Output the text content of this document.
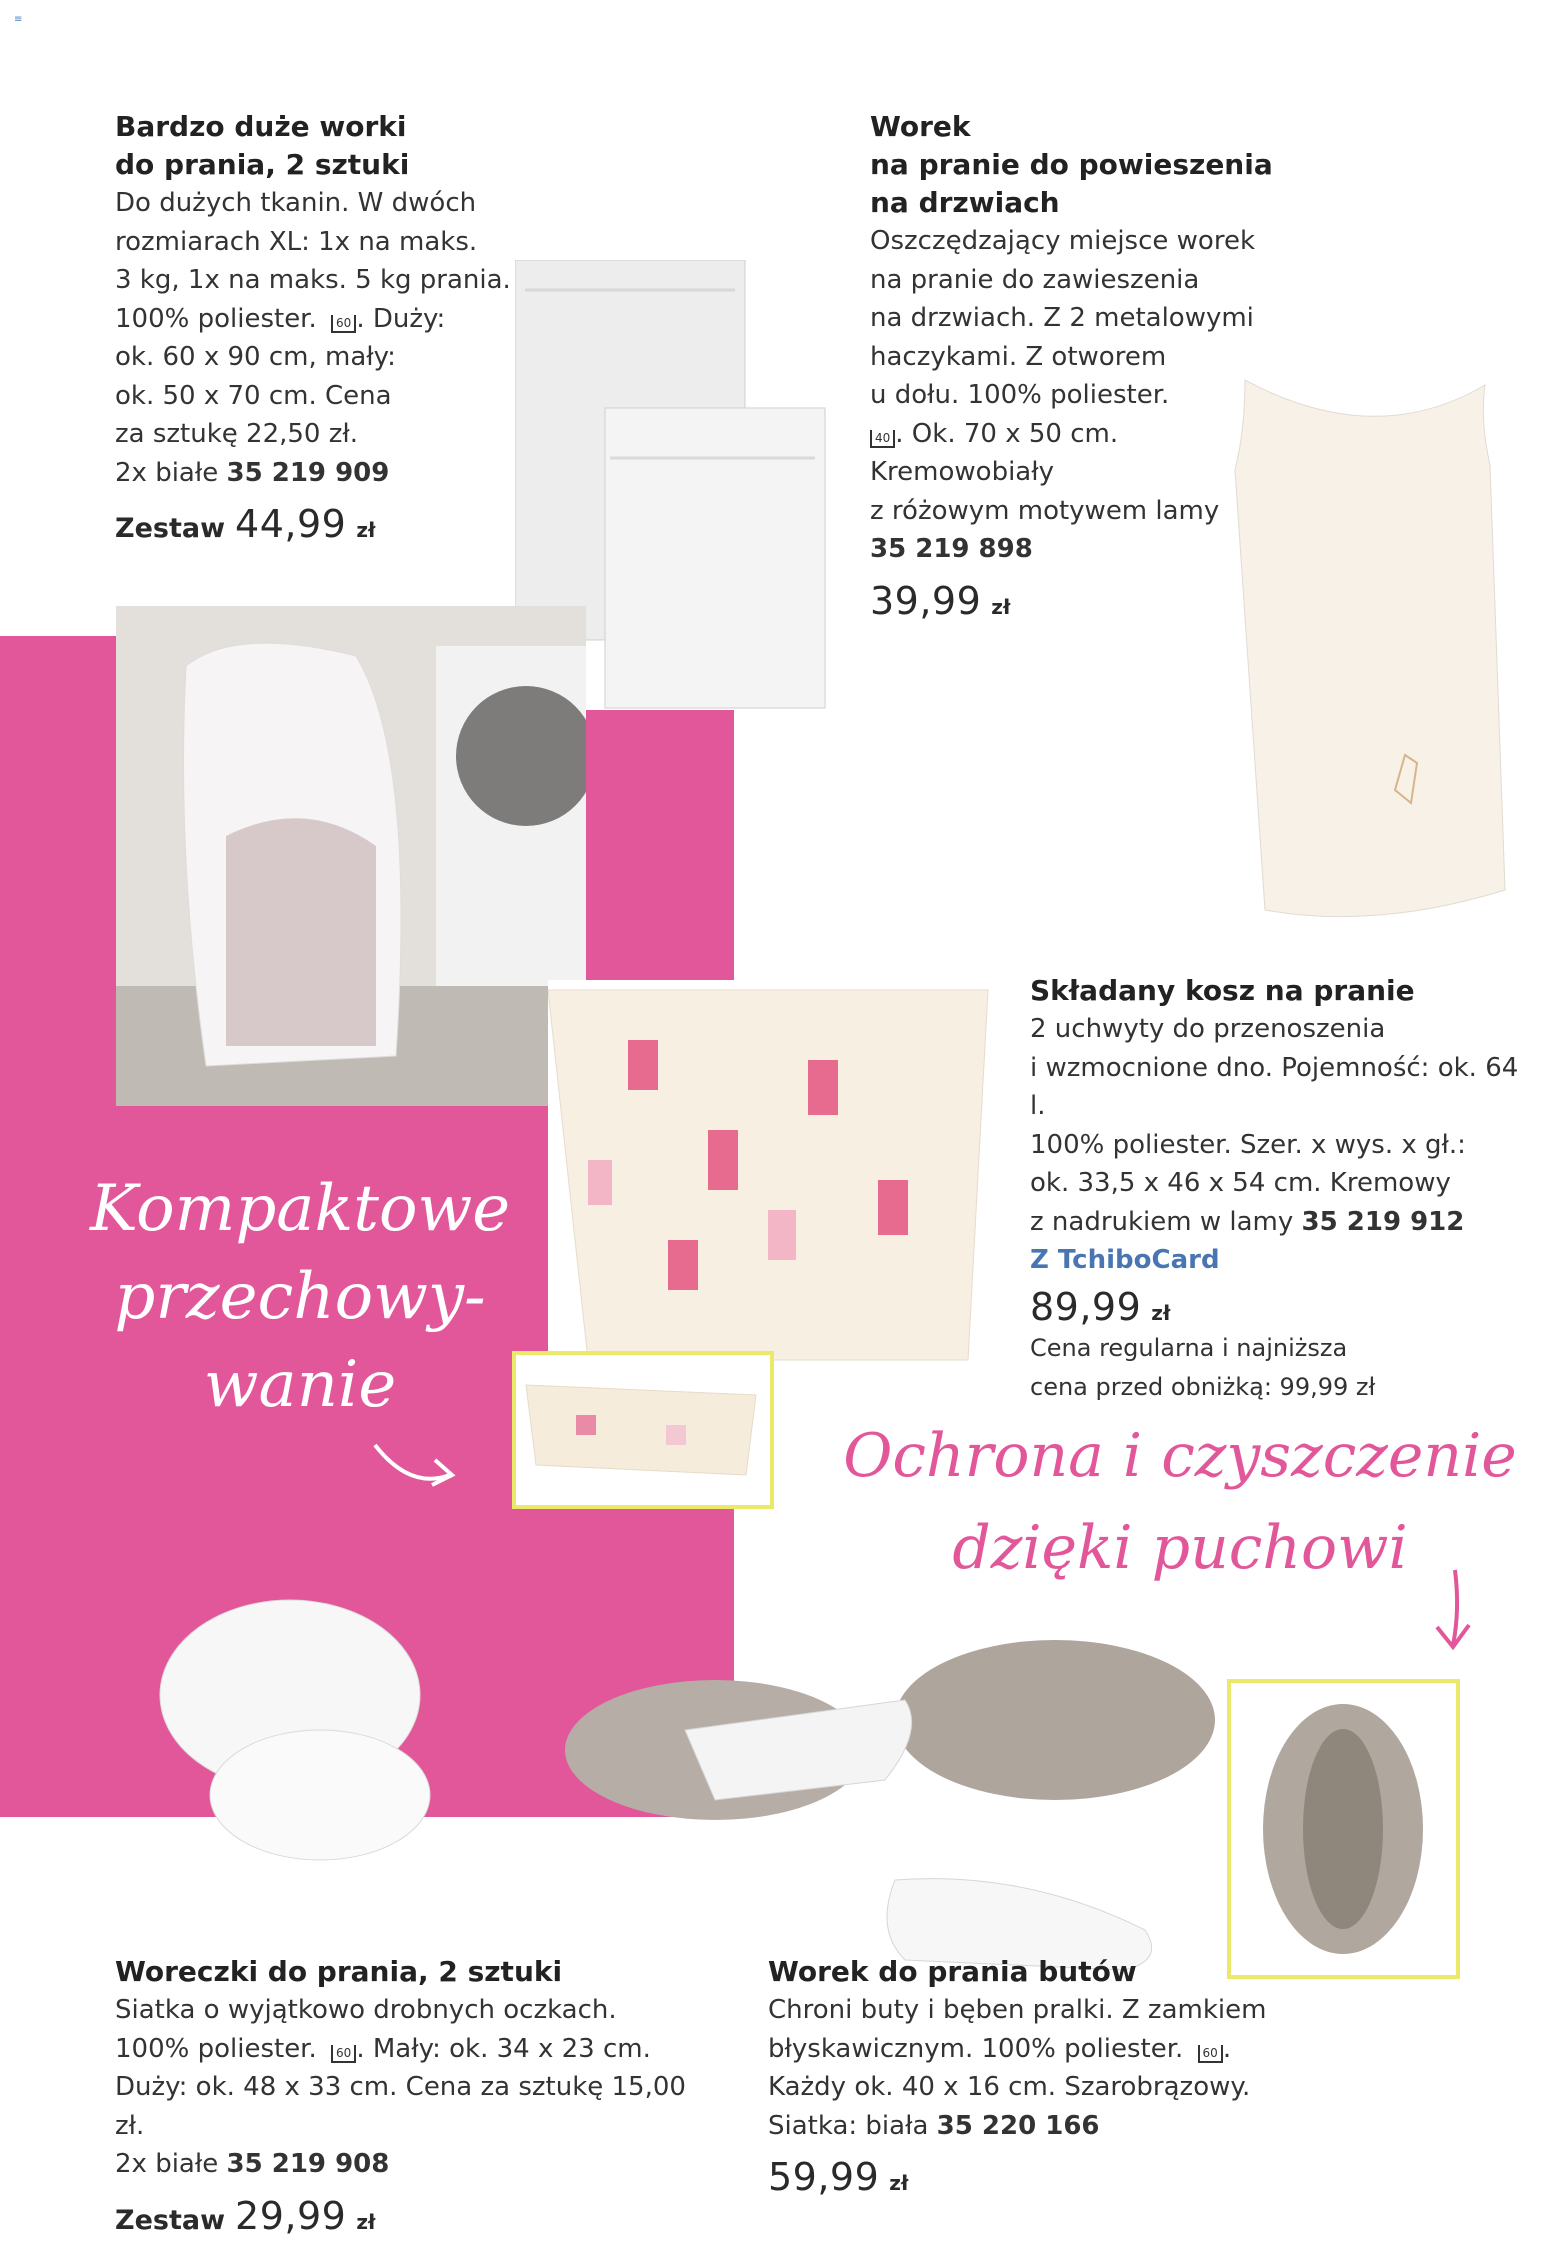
≡

Bardzo duże worki

do prania, 2 sztuki

Do dużych tkanin. W dwóch

rozmiarach XL: 1x na maks.

3 kg, 1x na maks. 5 kg prania.

100% poliester. 60 . Duży:

ok. 60 x 90 cm, mały:

ok. 50 x 70 cm. Cena

za sztukę 22,50 zł.

2x białe 35 219 909

Zestaw 44,99 zł

Worek

na pranie do powieszenia

na drzwiach

Oszczędzający miejsce worek

na pranie do zawieszenia

na drzwiach. Z 2 metalowymi

haczykami. Z otworem

u dołu. 100% poliester.

40 . Ok. 70 x 50 cm.

Kremowobiały

z różowym motywem lamy

35 219 898

39,99 zł

Składany kosz na pranie

2 uchwyty do przenoszenia

i wzmocnione dno. Pojemność: ok. 64 l.

100% poliester. Szer. x wys. x gł.:

ok. 33,5 x 46 x 54 cm. Kremowy

z nadrukiem w lamy 35 219 912

Z TchiboCard

89,99 zł

Cena regularna i najniższa

cena przed obniżką: 99,99 zł

Kompaktowe
przechowy-
wanie
Ochrona i czyszczenie
dzięki puchowi

Woreczki do prania, 2 sztuki

Siatka o wyjątkowo drobnych oczkach.

100% poliester. 60 . Mały: ok. 34 x 23 cm.

Duży: ok. 48 x 33 cm. Cena za sztukę 15,00 zł.

2x białe 35 219 908

Zestaw 29,99 zł

Worek do prania butów

Chroni buty i bęben pralki. Z zamkiem

błyskawicznym. 100% poliester. 60 .

Każdy ok. 40 x 16 cm. Szarobrązowy.

Siatka: biała 35 220 166

59,99 zł
